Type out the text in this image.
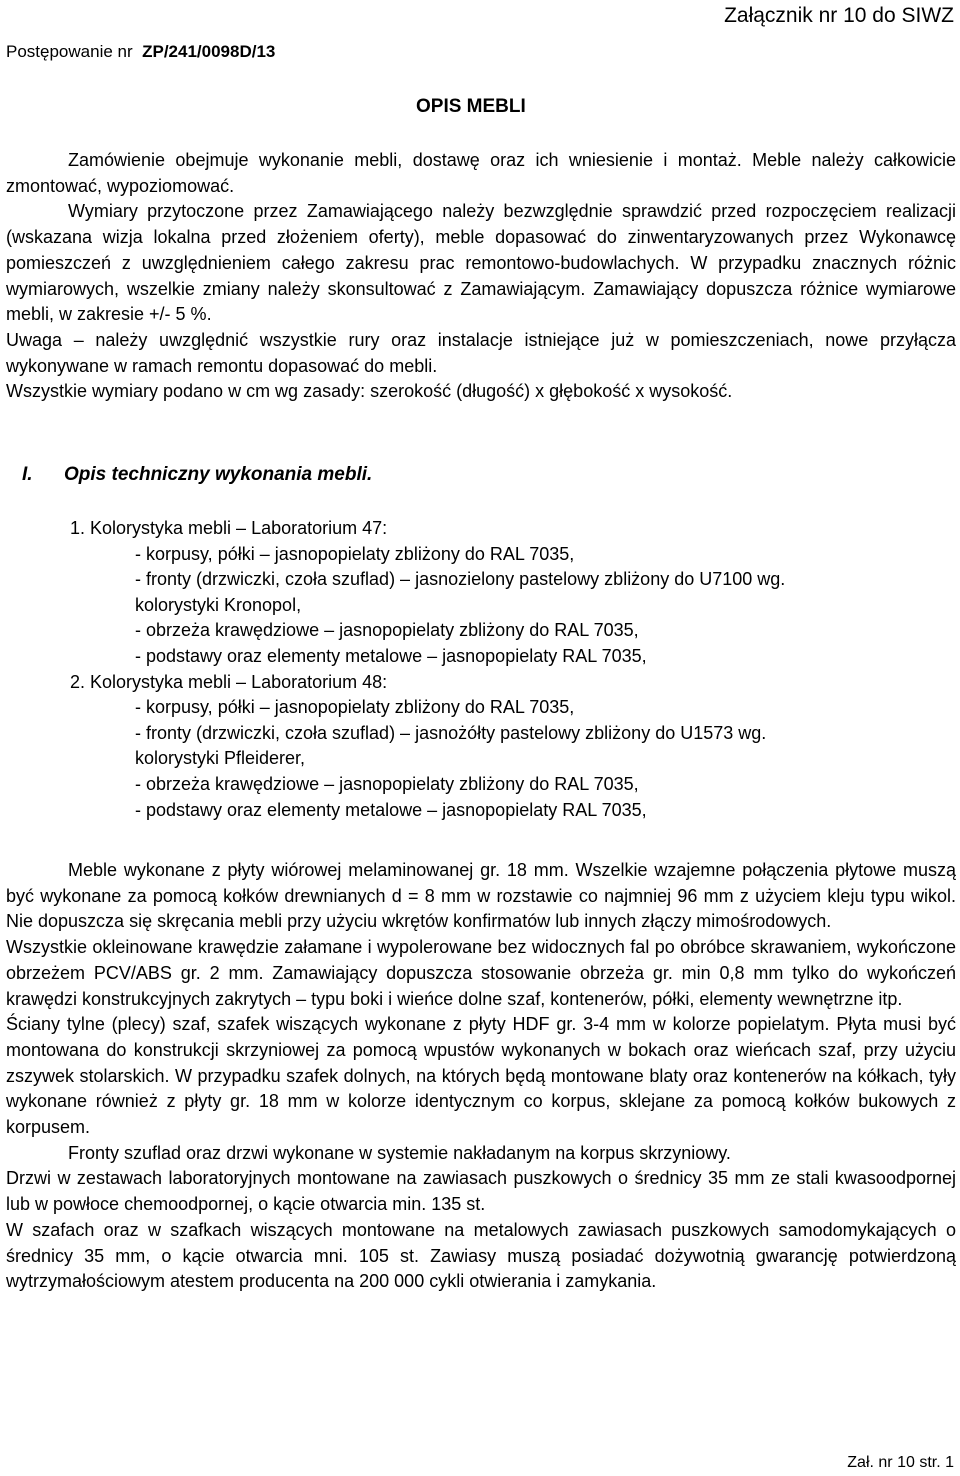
Postępowanie nr ZP/241/0098D/13
Załącznik nr 10 do SIWZ
OPIS MEBLI

Zamówienie obejmuje wykonanie mebli, dostawę oraz ich wniesienie i montaż. Meble należy całkowicie zmontować, wypoziomować.

Wymiary przytoczone przez Zamawiającego należy bezwzględnie sprawdzić przed rozpoczęciem realizacji (wskazana wizja lokalna przed złożeniem oferty), meble dopasować do zinwentaryzowanych przez Wykonawcę pomieszczeń z uwzględnieniem całego zakresu prac remontowo-budowlachych. W przypadku znacznych różnic wymiarowych, wszelkie zmiany należy skonsultować z Zamawiającym. Zamawiający dopuszcza różnice wymiarowe mebli, w zakresie +/- 5 %.

Uwaga – należy uwzględnić wszystkie rury oraz instalacje istniejące już w pomieszczeniach, nowe przyłącza wykonywane w ramach remontu dopasować do mebli.

Wszystkie wymiary podano w cm wg zasady: szerokość (długość) x głębokość x wysokość.

I. Opis techniczny wykonania mebli.
1. Kolorystyka mebli – Laboratorium 47:
- korpusy, półki – jasnopopielaty zbliżony do RAL 7035,
- fronty (drzwiczki, czoła szuflad) – jasnozielony pastelowy zbliżony do U7100 wg.
kolorystyki Kronopol,
- obrzeża krawędziowe – jasnopopielaty zbliżony do RAL 7035,
- podstawy oraz elementy metalowe – jasnopopielaty RAL 7035,
2. Kolorystyka mebli – Laboratorium 48:
- korpusy, półki – jasnopopielaty zbliżony do RAL 7035,
- fronty (drzwiczki, czoła szuflad) – jasnożółty pastelowy zbliżony do U1573 wg.
kolorystyki Pfleiderer,
- obrzeża krawędziowe – jasnopopielaty zbliżony do RAL 7035,
- podstawy oraz elementy metalowe – jasnopopielaty RAL 7035,

Meble wykonane z płyty wiórowej melaminowanej gr. 18 mm. Wszelkie wzajemne połączenia płytowe muszą być wykonane za pomocą kołków drewnianych d = 8 mm w rozstawie co najmniej 96 mm z użyciem kleju typu wikol. Nie dopuszcza się skręcania mebli przy użyciu wkrętów konfirmatów lub innych złączy mimośrodowych.

Wszystkie okleinowane krawędzie załamane i wypolerowane bez widocznych fal po obróbce skrawaniem, wykończone obrzeżem PCV/ABS gr. 2 mm. Zamawiający dopuszcza stosowanie obrzeża gr. min 0,8 mm tylko do wykończeń krawędzi konstrukcyjnych zakrytych – typu boki i wieńce dolne szaf, kontenerów, półki, elementy wewnętrzne itp.

Ściany tylne (plecy) szaf, szafek wiszących wykonane z płyty HDF gr. 3-4 mm w kolorze popielatym. Płyta musi być montowana do konstrukcji skrzyniowej za pomocą wpustów wykonanych w bokach oraz wieńcach szaf, przy użyciu zszywek stolarskich. W przypadku szafek dolnych, na których będą montowane blaty oraz kontenerów na kółkach, tyły wykonane również z płyty gr. 18 mm w kolorze identycznym co korpus, sklejane za pomocą kołków bukowych z korpusem.

Fronty szuflad oraz drzwi wykonane w systemie nakładanym na korpus skrzyniowy.

Drzwi w zestawach laboratoryjnych montowane na zawiasach puszkowych o średnicy 35 mm ze stali kwasoodpornej lub w powłoce chemoodpornej, o kącie otwarcia min. 135 st.

W szafach oraz w szafkach wiszących montowane na metalowych zawiasach puszkowych samodomykających o średnicy 35 mm, o kącie otwarcia mni. 105 st. Zawiasy muszą posiadać dożywotnią gwarancję potwierdzoną wytrzymałościowym atestem producenta na 200 000 cykli otwierania i zamykania.

Zał. nr 10 str. 1
